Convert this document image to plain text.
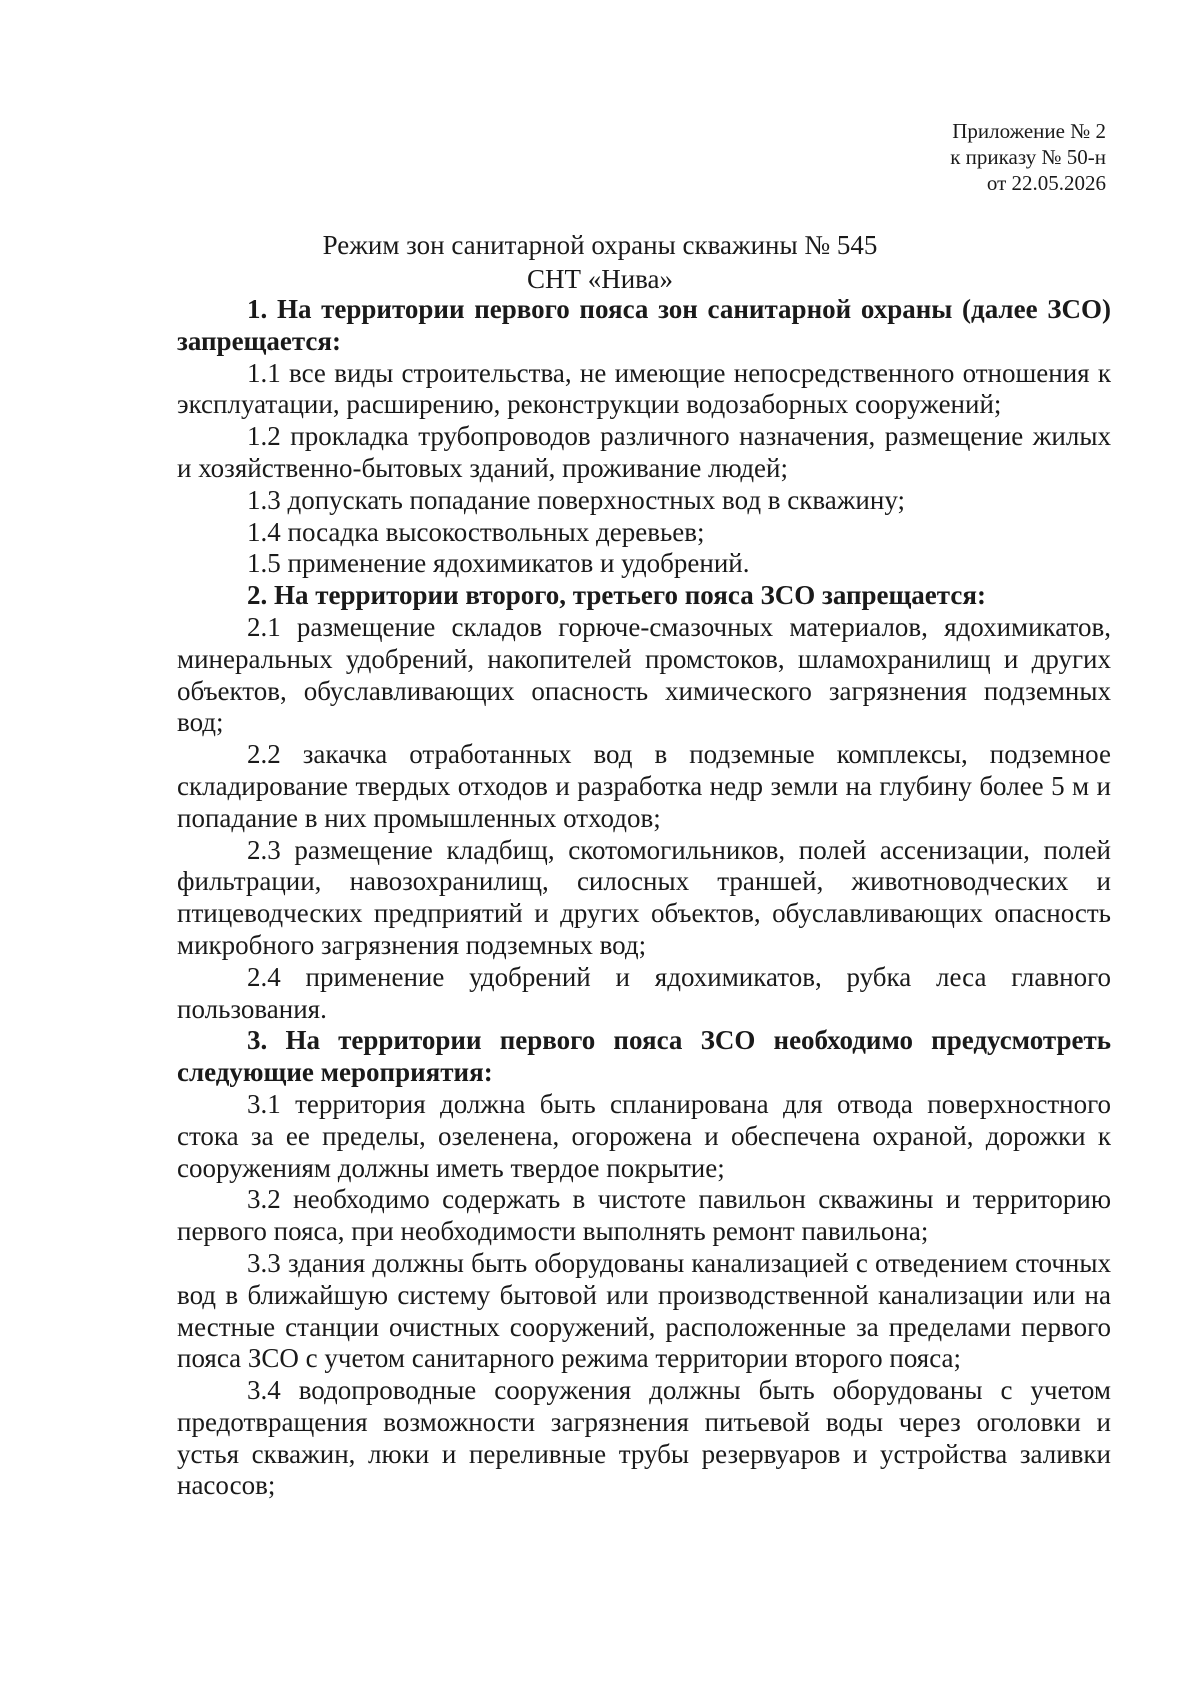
Приложение № 2
к приказу № 50-н
от 22.05.2026
Режим зон санитарной охраны скважины № 545
СНТ «Нива»

1. На территории первого пояса зон санитарной охраны (далее ЗСО) запрещается:

1.1 все виды строительства, не имеющие непосредственного отношения к эксплуатации, расширению, реконструкции водозаборных сооружений;

1.2 прокладка трубопроводов различного назначения, размещение жилых и хозяйственно-бытовых зданий, проживание людей;

1.3 допускать попадание поверхностных вод в скважину;

1.4 посадка высокоствольных деревьев;

1.5 применение ядохимикатов и удобрений.

2. На территории второго, третьего пояса ЗСО запрещается:

2.1 размещение складов горюче-смазочных материалов, ядохимикатов, минеральных удобрений, накопителей промстоков, шламохранилищ и других объектов, обуславливающих опасность химического загрязнения подземных вод;

2.2 закачка отработанных вод в подземные комплексы, подземное складирование твердых отходов и разработка недр земли на глубину более 5 м и попадание в них промышленных отходов;

2.3 размещение кладбищ, скотомогильников, полей ассенизации, полей фильтрации, навозохранилищ, силосных траншей, животноводческих и птицеводческих предприятий и других объектов, обуславливающих опасность микробного загрязнения подземных вод;

2.4 применение удобрений и ядохимикатов, рубка леса главного пользования.

3. На территории первого пояса ЗСО необходимо предусмотреть следующие мероприятия:

3.1 территория должна быть спланирована для отвода поверхностного стока за ее пределы, озеленена, огорожена и обеспечена охраной, дорожки к сооружениям должны иметь твердое покрытие;

3.2 необходимо содержать в чистоте павильон скважины и территорию первого пояса, при необходимости выполнять ремонт павильона;

3.3 здания должны быть оборудованы канализацией с отведением сточных вод в ближайшую систему бытовой или производственной канализации или на местные станции очистных сооружений, расположенные за пределами первого пояса ЗСО с учетом санитарного режима территории второго пояса;

3.4 водопроводные сооружения должны быть оборудованы с учетом предотвращения возможности загрязнения питьевой воды через оголовки и устья скважин, люки и переливные трубы резервуаров и устройства заливки насосов;
